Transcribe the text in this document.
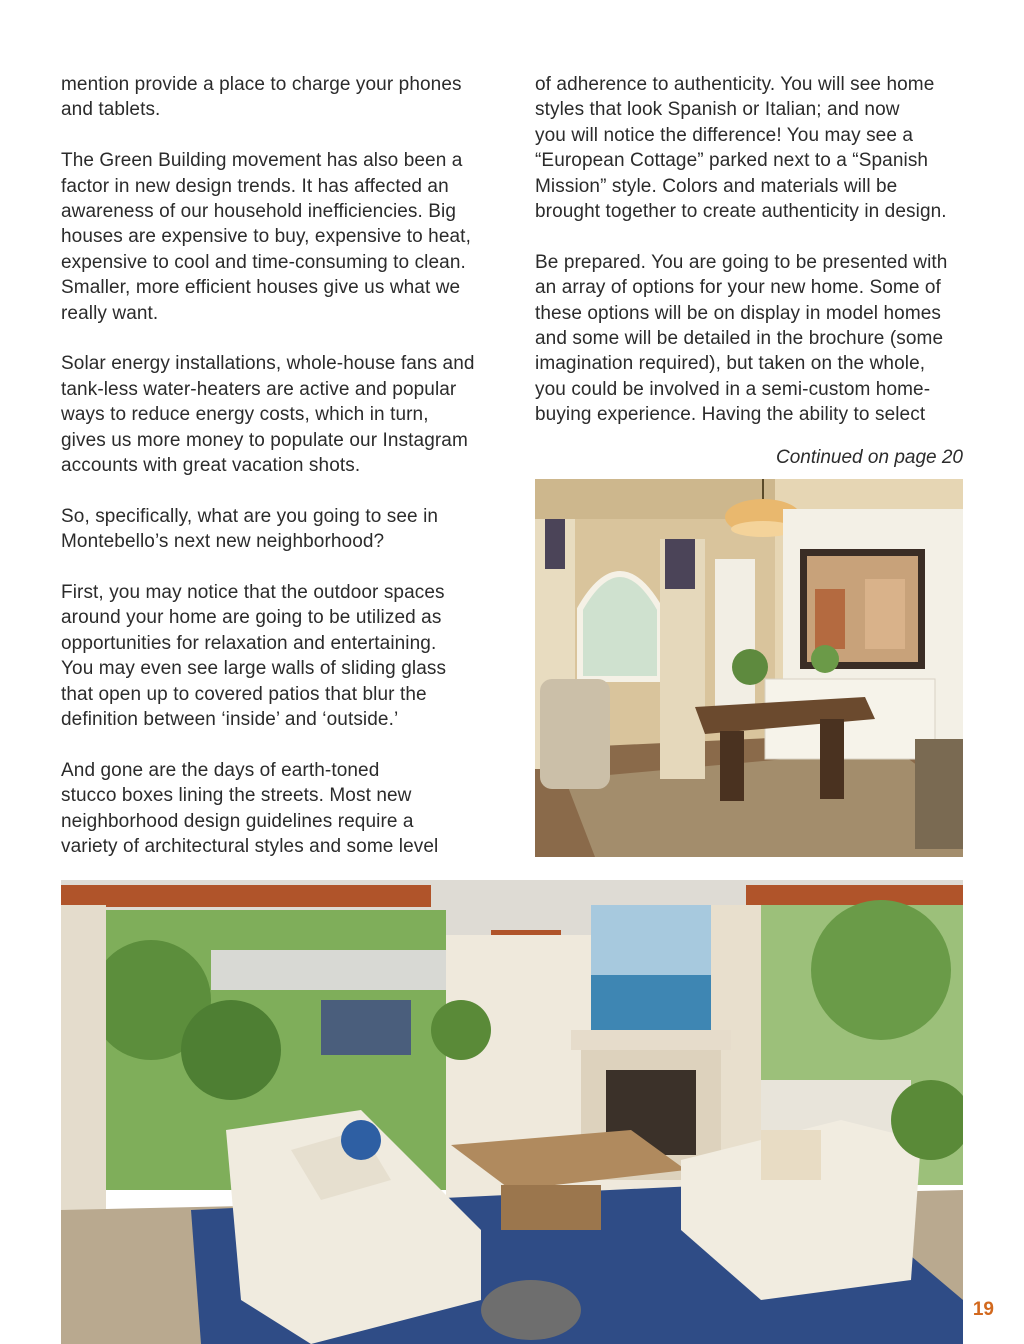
mention provide a place to charge your phones
and tablets.

The Green Building movement has also been a
factor in new design trends. It has affected an
awareness of our household inefficiencies. Big
houses are expensive to buy, expensive to heat,
expensive to cool and time-consuming to clean.
Smaller, more efficient houses give us what we
really want.

Solar energy installations, whole-house fans and
tank-less water-heaters are active and popular
ways to reduce energy costs, which in turn,
gives us more money to populate our Instagram
accounts with great vacation shots.

So, specifically, what are you going to see in
Montebello’s next new neighborhood?

First, you may notice that the outdoor spaces
around your home are going to be utilized as
opportunities for relaxation and entertaining.
You may even see large walls of sliding glass
that open up to covered patios that blur the
definition between ‘inside’ and ‘outside.’

And gone are the days of earth-toned
stucco boxes lining the streets. Most new
neighborhood design guidelines require a
variety of architectural styles and some level

of adherence to authenticity. You will see home
styles that look Spanish or Italian; and now
you will notice the difference! You may see a
“European Cottage” parked next to a “Spanish
Mission” style. Colors and materials will be
brought together to create authenticity in design.

Be prepared. You are going to be presented with
an array of options for your new home. Some of
these options will be on display in model homes
and some will be detailed in the brochure (some
imagination required), but taken on the whole,
you could be involved in a semi-custom home-
buying experience. Having the ability to select

Continued on page 20
19
